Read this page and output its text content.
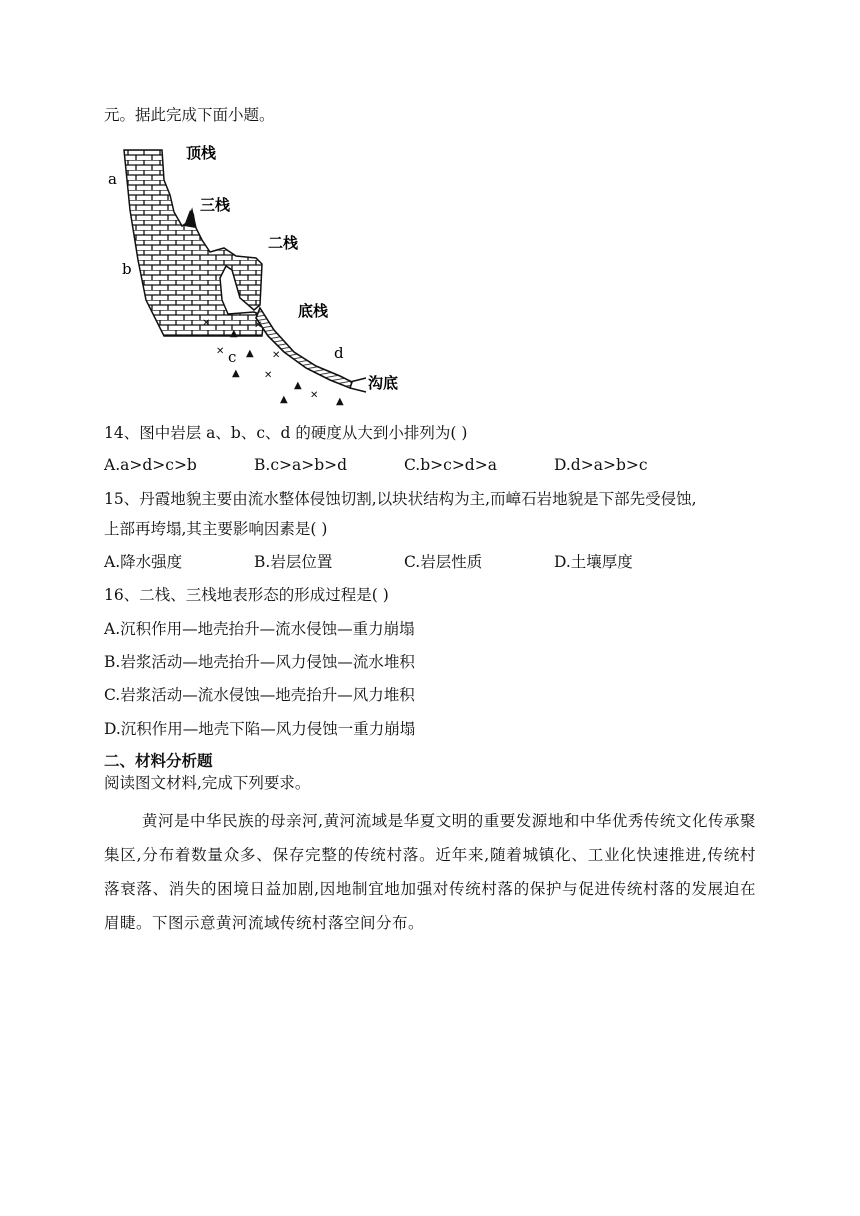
元。据此完成下面小题。
✕
▲
✕
✕ ▲ ✕
▲ ✕
▲
✕
▲
▲
顶栈
a
三栈
二栈
b
底栈
c	d
沟底
14、图中岩层 a、b、c、d 的硬度从大到小排列为( )
A.a>d>c>b	B.c>a>b>d	C.b>c>d>a	D.d>a>b>c
15、丹霞地貌主要由流水整体侵蚀切割,以块状结构为主,而嶂石岩地貌是下部先受侵蚀,
上部再垮塌,其主要影响因素是( )
A.降水强度	B.岩层位置	C.岩层性质	D.土壤厚度
16、二栈、三栈地表形态的形成过程是( )
A.沉积作用—地壳抬升—流水侵蚀—重力崩塌
B.岩浆活动—地壳抬升—风力侵蚀—流水堆积
C.岩浆活动—流水侵蚀—地壳抬升—风力堆积
D.沉积作用—地壳下陷—风力侵蚀一重力崩塌
二、材料分析题
阅读图文材料,完成下列要求。
黄河是中华民族的母亲河,黄河流域是华夏文明的重要发源地和中华优秀传统文化传承聚集区,分布着数量众多、保存完整的传统村落。近年来,随着城镇化、工业化快速推进,传统村落衰落、消失的困境日益加剧,因地制宜地加强对传统村落的保护与促进传统村落的发展迫在眉睫。下图示意黄河流域传统村落空间分布。
